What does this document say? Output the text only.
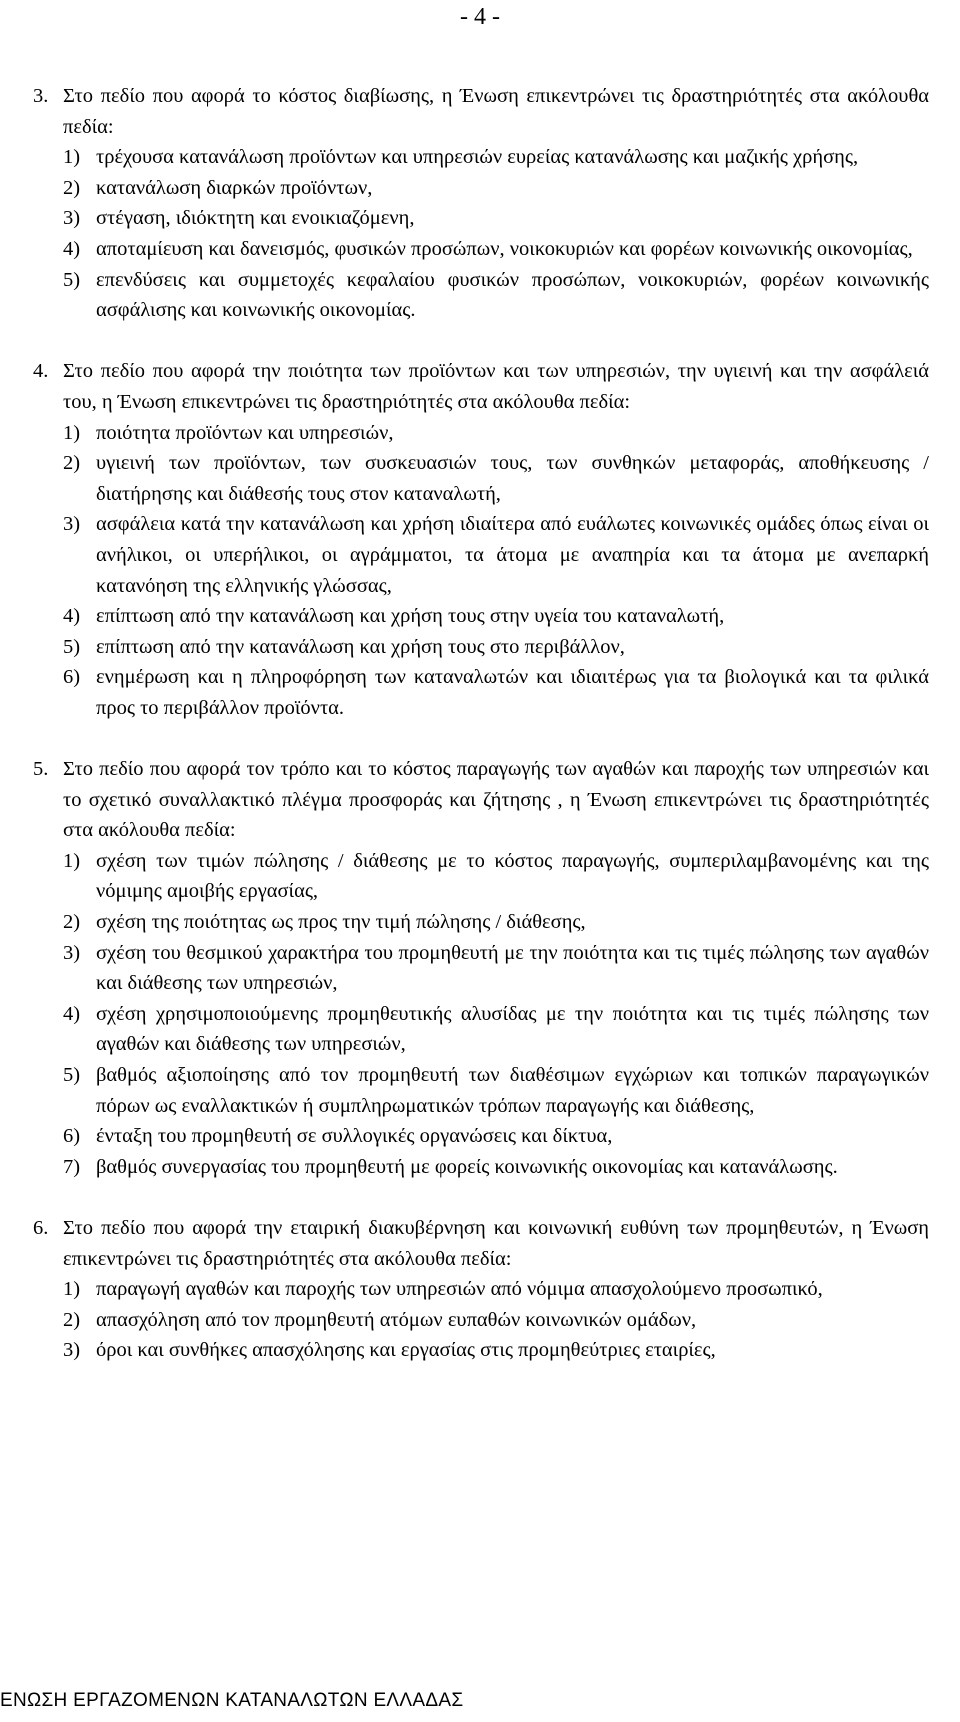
- 4 -
3. Στο πεδίο που αφορά το κόστος διαβίωσης, η Ένωση επικεντρώνει τις δραστηριότητές στα ακόλουθα πεδία:
1) τρέχουσα κατανάλωση προϊόντων και υπηρεσιών ευρείας κατανάλωσης και μαζικής χρήσης,
2) κατανάλωση διαρκών προϊόντων,
3) στέγαση, ιδιόκτητη και ενοικιαζόμενη,
4) αποταμίευση και δανεισμός, φυσικών προσώπων, νοικοκυριών και φορέων κοινωνικής οικονομίας,
5) επενδύσεις και συμμετοχές κεφαλαίου φυσικών προσώπων, νοικοκυριών, φορέων κοινωνικής ασφάλισης και κοινωνικής οικονομίας.
4. Στο πεδίο που αφορά την ποιότητα των προϊόντων και των υπηρεσιών, την υγιεινή και την ασφάλειά του, η Ένωση επικεντρώνει τις δραστηριότητές στα ακόλουθα πεδία:
1) ποιότητα προϊόντων και υπηρεσιών,
2) υγιεινή των προϊόντων, των συσκευασιών τους, των συνθηκών μεταφοράς, αποθήκευσης / διατήρησης και διάθεσής τους στον καταναλωτή,
3) ασφάλεια κατά την κατανάλωση και χρήση ιδιαίτερα από ευάλωτες κοινωνικές ομάδες όπως είναι οι ανήλικοι, οι υπερήλικοι, οι αγράμματοι, τα άτομα με αναπηρία και τα άτομα με ανεπαρκή κατανόηση της ελληνικής γλώσσας,
4) επίπτωση από την κατανάλωση και χρήση τους στην υγεία του καταναλωτή,
5) επίπτωση από την κατανάλωση και χρήση τους στο περιβάλλον,
6) ενημέρωση και η πληροφόρηση των καταναλωτών και ιδιαιτέρως για τα βιολογικά και τα φιλικά προς το περιβάλλον προϊόντα.
5. Στο πεδίο που αφορά τον τρόπο και το κόστος παραγωγής των αγαθών και παροχής των υπηρεσιών και το σχετικό συναλλακτικό πλέγμα προσφοράς και ζήτησης , η Ένωση επικεντρώνει τις δραστηριότητές στα ακόλουθα πεδία:
1) σχέση των τιμών πώλησης / διάθεσης με το κόστος παραγωγής, συμπεριλαμβανομένης και της νόμιμης αμοιβής εργασίας,
2) σχέση της ποιότητας ως προς την τιμή πώλησης / διάθεσης,
3) σχέση του θεσμικού χαρακτήρα του προμηθευτή με την ποιότητα και τις τιμές πώλησης των αγαθών και διάθεσης των υπηρεσιών,
4) σχέση χρησιμοποιούμενης προμηθευτικής αλυσίδας με την ποιότητα και τις τιμές πώλησης των αγαθών και διάθεσης των υπηρεσιών,
5) βαθμός αξιοποίησης από τον προμηθευτή των διαθέσιμων εγχώριων και τοπικών παραγωγικών πόρων ως εναλλακτικών ή συμπληρωματικών τρόπων παραγωγής και διάθεσης,
6) ένταξη του προμηθευτή σε συλλογικές οργανώσεις και δίκτυα,
7) βαθμός συνεργασίας του προμηθευτή με φορείς κοινωνικής οικονομίας και κατανάλωσης.
6. Στο πεδίο που αφορά την εταιρική διακυβέρνηση και κοινωνική ευθύνη των προμηθευτών, η Ένωση επικεντρώνει τις δραστηριότητές στα ακόλουθα πεδία:
1) παραγωγή αγαθών και παροχής των υπηρεσιών από νόμιμα απασχολούμενο προσωπικό,
2) απασχόληση από τον προμηθευτή ατόμων ευπαθών κοινωνικών ομάδων,
3) όροι και συνθήκες απασχόλησης και εργασίας στις προμηθεύτριες εταιρίες,
ΕΝΩΣΗ ΕΡΓΑΖΟΜΕΝΩΝ ΚΑΤΑΝΑΛΩΤΩΝ ΕΛΛΑΔΑΣ
